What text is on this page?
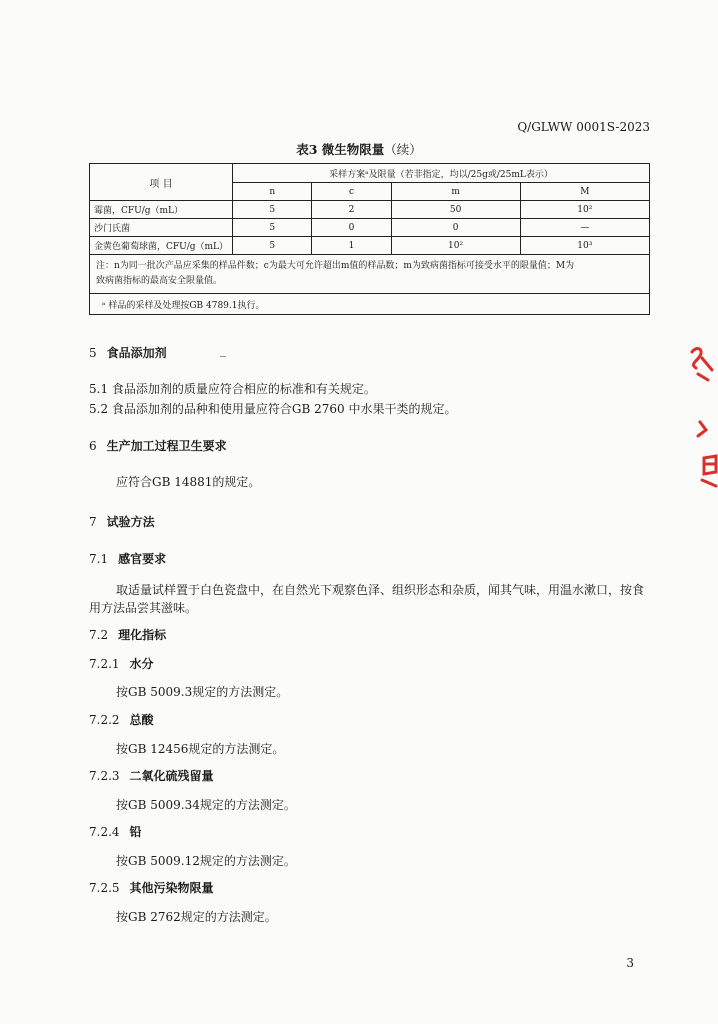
Q/GLWW 0001S-2023
表3 微生物限量（续）
项 目	采样方案ᵃ及限量（若非指定，均以/25g或/25mL表示）			
	n	c	m	M
霉菌，CFU/g（mL）	5	2	50	10²
沙门氏菌	5	0	0	—
金黄色葡萄球菌，CFU/g（mL）	5	1	10²	10³

注：n为同一批次产品应采集的样品件数；c为最大可允许超出m值的样品数；m为致病菌指标可接受水平的限量值；M为
致病菌指标的最高安全限量值。				

ᵃ 样品的采样及处理按GB 4789.1执行。				
5 食品添加剂
5.1 食品添加剂的质量应符合相应的标准和有关规定。
5.2 食品添加剂的品种和使用量应符合GB 2760 中水果干类的规定。
6 生产加工过程卫生要求
应符合GB 14881的规定。
7 试验方法
7.1 感官要求
取适量试样置于白色瓷盘中，在自然光下观察色泽、组织形态和杂质，闻其气味，用温水漱口，按食用方法品尝其滋味。
7.2 理化指标
7.2.1 水分
按GB 5009.3规定的方法测定。
7.2.2 总酸
按GB 12456规定的方法测定。
7.2.3 二氧化硫残留量
按GB 5009.34规定的方法测定。
7.2.4 铅
按GB 5009.12规定的方法测定。
7.2.5 其他污染物限量
按GB 2762规定的方法测定。
3
